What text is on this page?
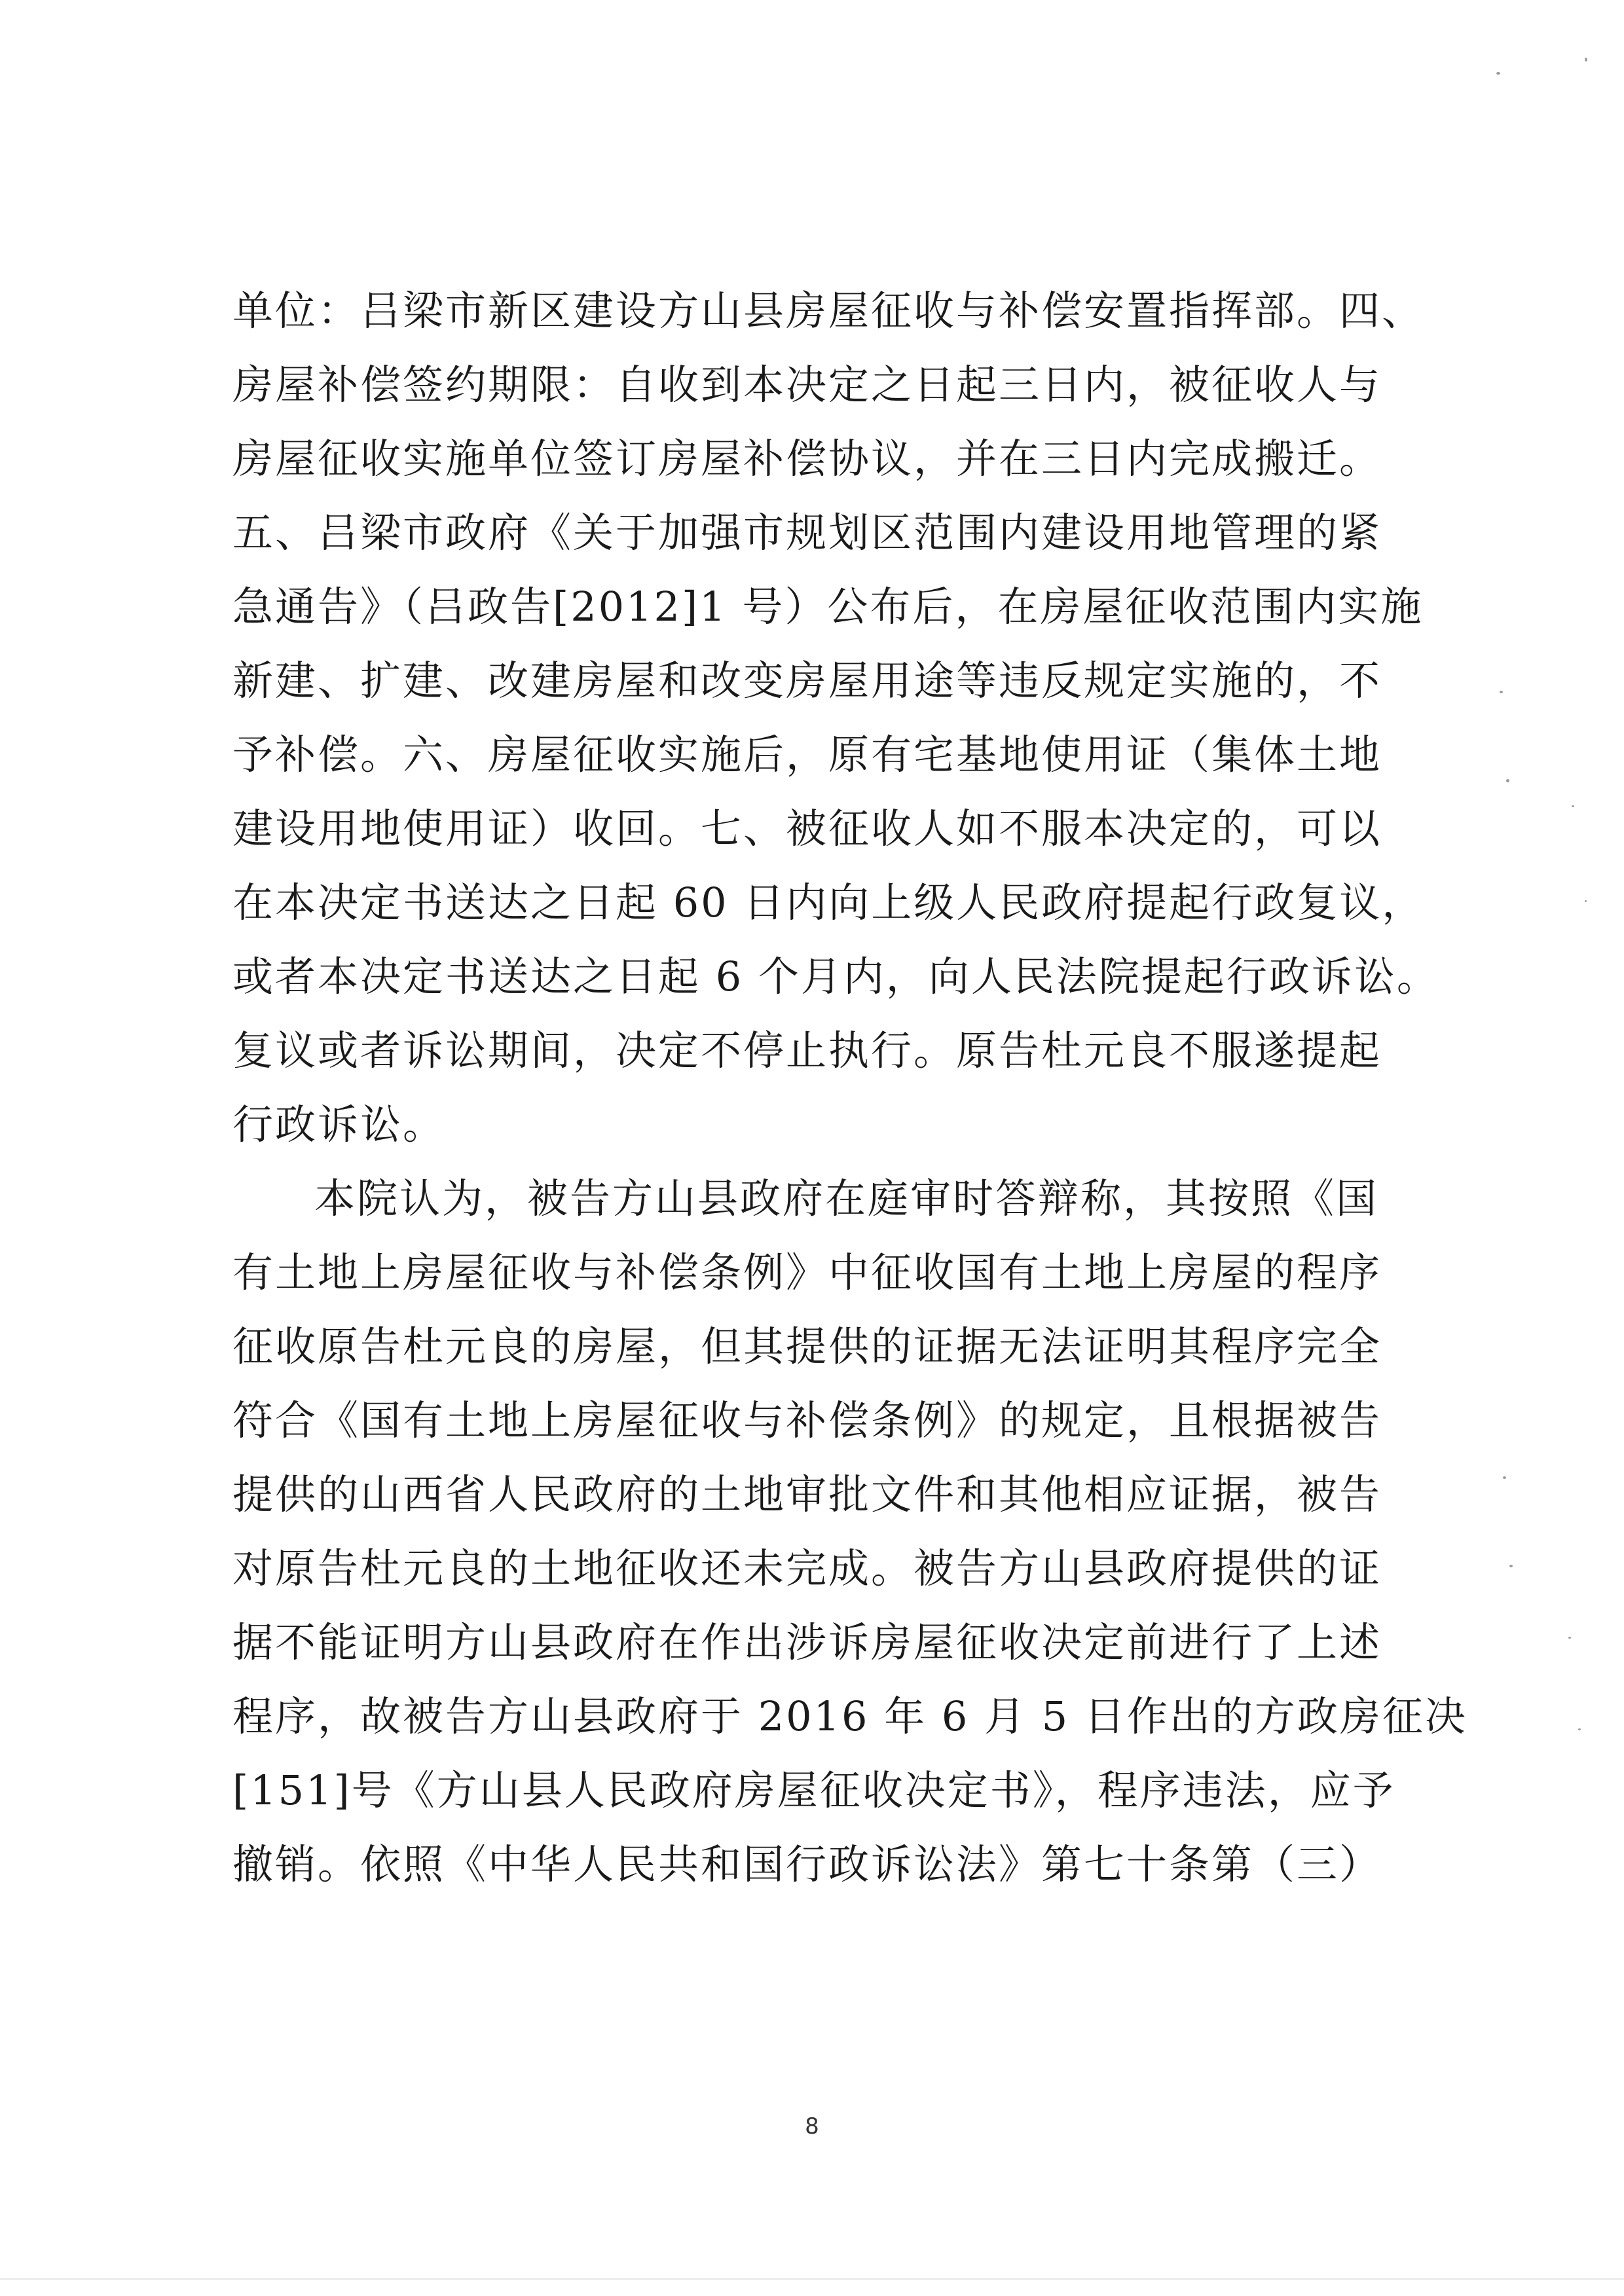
单位：吕梁市新区建设方山县房屋征收与补偿安置指挥部。四、
房屋补偿签约期限：自收到本决定之日起三日内，被征收人与
房屋征收实施单位签订房屋补偿协议，并在三日内完成搬迁。
五、吕梁市政府《关于加强市规划区范围内建设用地管理的紧
急通告》（吕政告[2012]1 号）公布后，在房屋征收范围内实施
新建、扩建、改建房屋和改变房屋用途等违反规定实施的，不
予补偿。六、房屋征收实施后，原有宅基地使用证（集体土地
建设用地使用证）收回。七、被征收人如不服本决定的，可以
在本决定书送达之日起 60 日内向上级人民政府提起行政复议，
或者本决定书送达之日起 6 个月内，向人民法院提起行政诉讼。
复议或者诉讼期间，决定不停止执行。原告杜元良不服遂提起
行政诉讼。
本院认为，被告方山县政府在庭审时答辩称，其按照《国
有土地上房屋征收与补偿条例》中征收国有土地上房屋的程序
征收原告杜元良的房屋，但其提供的证据无法证明其程序完全
符合《国有土地上房屋征收与补偿条例》的规定，且根据被告
提供的山西省人民政府的土地审批文件和其他相应证据，被告
对原告杜元良的土地征收还未完成。被告方山县政府提供的证
据不能证明方山县政府在作出涉诉房屋征收决定前进行了上述
程序，故被告方山县政府于 2016 年 6 月 5 日作出的方政房征决
[151]号《方山县人民政府房屋征收决定书》，程序违法，应予
撤销。依照《中华人民共和国行政诉讼法》第七十条第（三）
8
